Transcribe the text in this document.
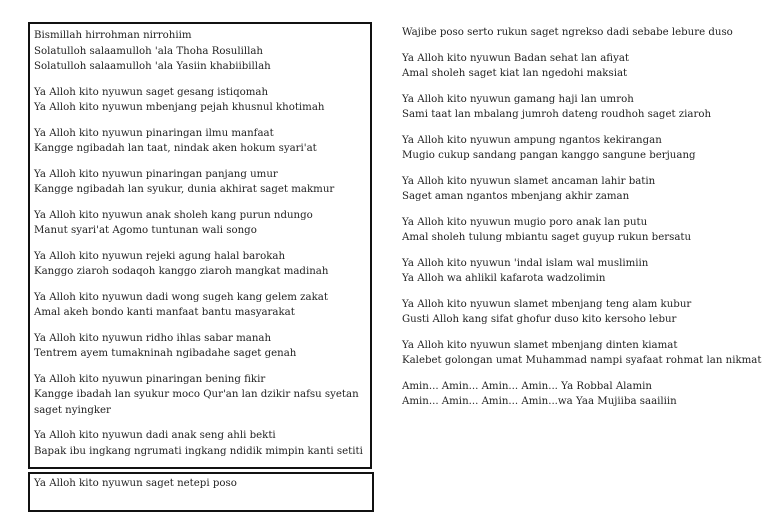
Bismillah hirrohman nirrohiim
Solatulloh salaamulloh 'ala Thoha Rosulillah
Solatulloh salaamulloh 'ala Yasiin khabiibillah
Ya Alloh kito nyuwun saget gesang istiqomah
Ya Alloh kito nyuwun mbenjang pejah khusnul khotimah
Ya Alloh kito nyuwun pinaringan ilmu manfaat
Kangge ngibadah lan taat, nindak aken hokum syari'at
Ya Alloh kito nyuwun pinaringan panjang umur
Kangge ngibadah lan syukur, dunia akhirat saget makmur
Ya Alloh kito nyuwun anak sholeh kang purun ndungo
Manut syari'at Agomo tuntunan wali songo
Ya Alloh kito nyuwun rejeki agung halal barokah
Kanggo ziaroh sodaqoh kanggo ziaroh mangkat madinah
Ya Alloh kito nyuwun dadi wong sugeh kang gelem zakat
Amal akeh bondo kanti manfaat bantu masyarakat
Ya Alloh kito nyuwun ridho ihlas sabar manah
Tentrem ayem tumakninah ngibadahe saget genah
Ya Alloh kito nyuwun pinaringan bening fikir
Kangge ibadah lan syukur moco Qur'an lan dzikir nafsu syetan saget nyingker
Ya Alloh kito nyuwun dadi anak seng ahli bekti
Bapak ibu ingkang ngrumati ingkang ndidik mimpin kanti setiti
Ya Alloh kito nyuwun saget netepi poso
Wajibe poso serto rukun saget ngrekso dadi sebabe lebure duso
Ya Alloh kito nyuwun Badan sehat lan afiyat
Amal sholeh saget kiat lan ngedohi maksiat
Ya Alloh kito nyuwun gamang haji lan umroh
Sami taat lan mbalang jumroh dateng roudhoh saget ziaroh
Ya Alloh kito nyuwun ampung ngantos kekirangan
Mugio cukup sandang pangan kanggo sangune berjuang
Ya Alloh kito nyuwun slamet ancaman lahir batin
Saget aman ngantos mbenjang akhir zaman
Ya Alloh kito nyuwun mugio poro anak lan putu
Amal sholeh tulung mbiantu saget guyup rukun bersatu
Ya Alloh kito nyuwun 'indal islam wal muslimiin
Ya Alloh wa ahlikil kafarota wadzolimin
Ya Alloh kito nyuwun slamet mbenjang teng alam kubur
Gusti Alloh kang sifat ghofur duso kito kersoho lebur
Ya Alloh kito nyuwun slamet mbenjang dinten kiamat
Kalebet golongan umat Muhammad nampi syafaat rohmat lan nikmat
Amin... Amin... Amin... Amin... Ya Robbal Alamin
Amin... Amin... Amin... Amin...wa Yaa Mujiiba saailiin
